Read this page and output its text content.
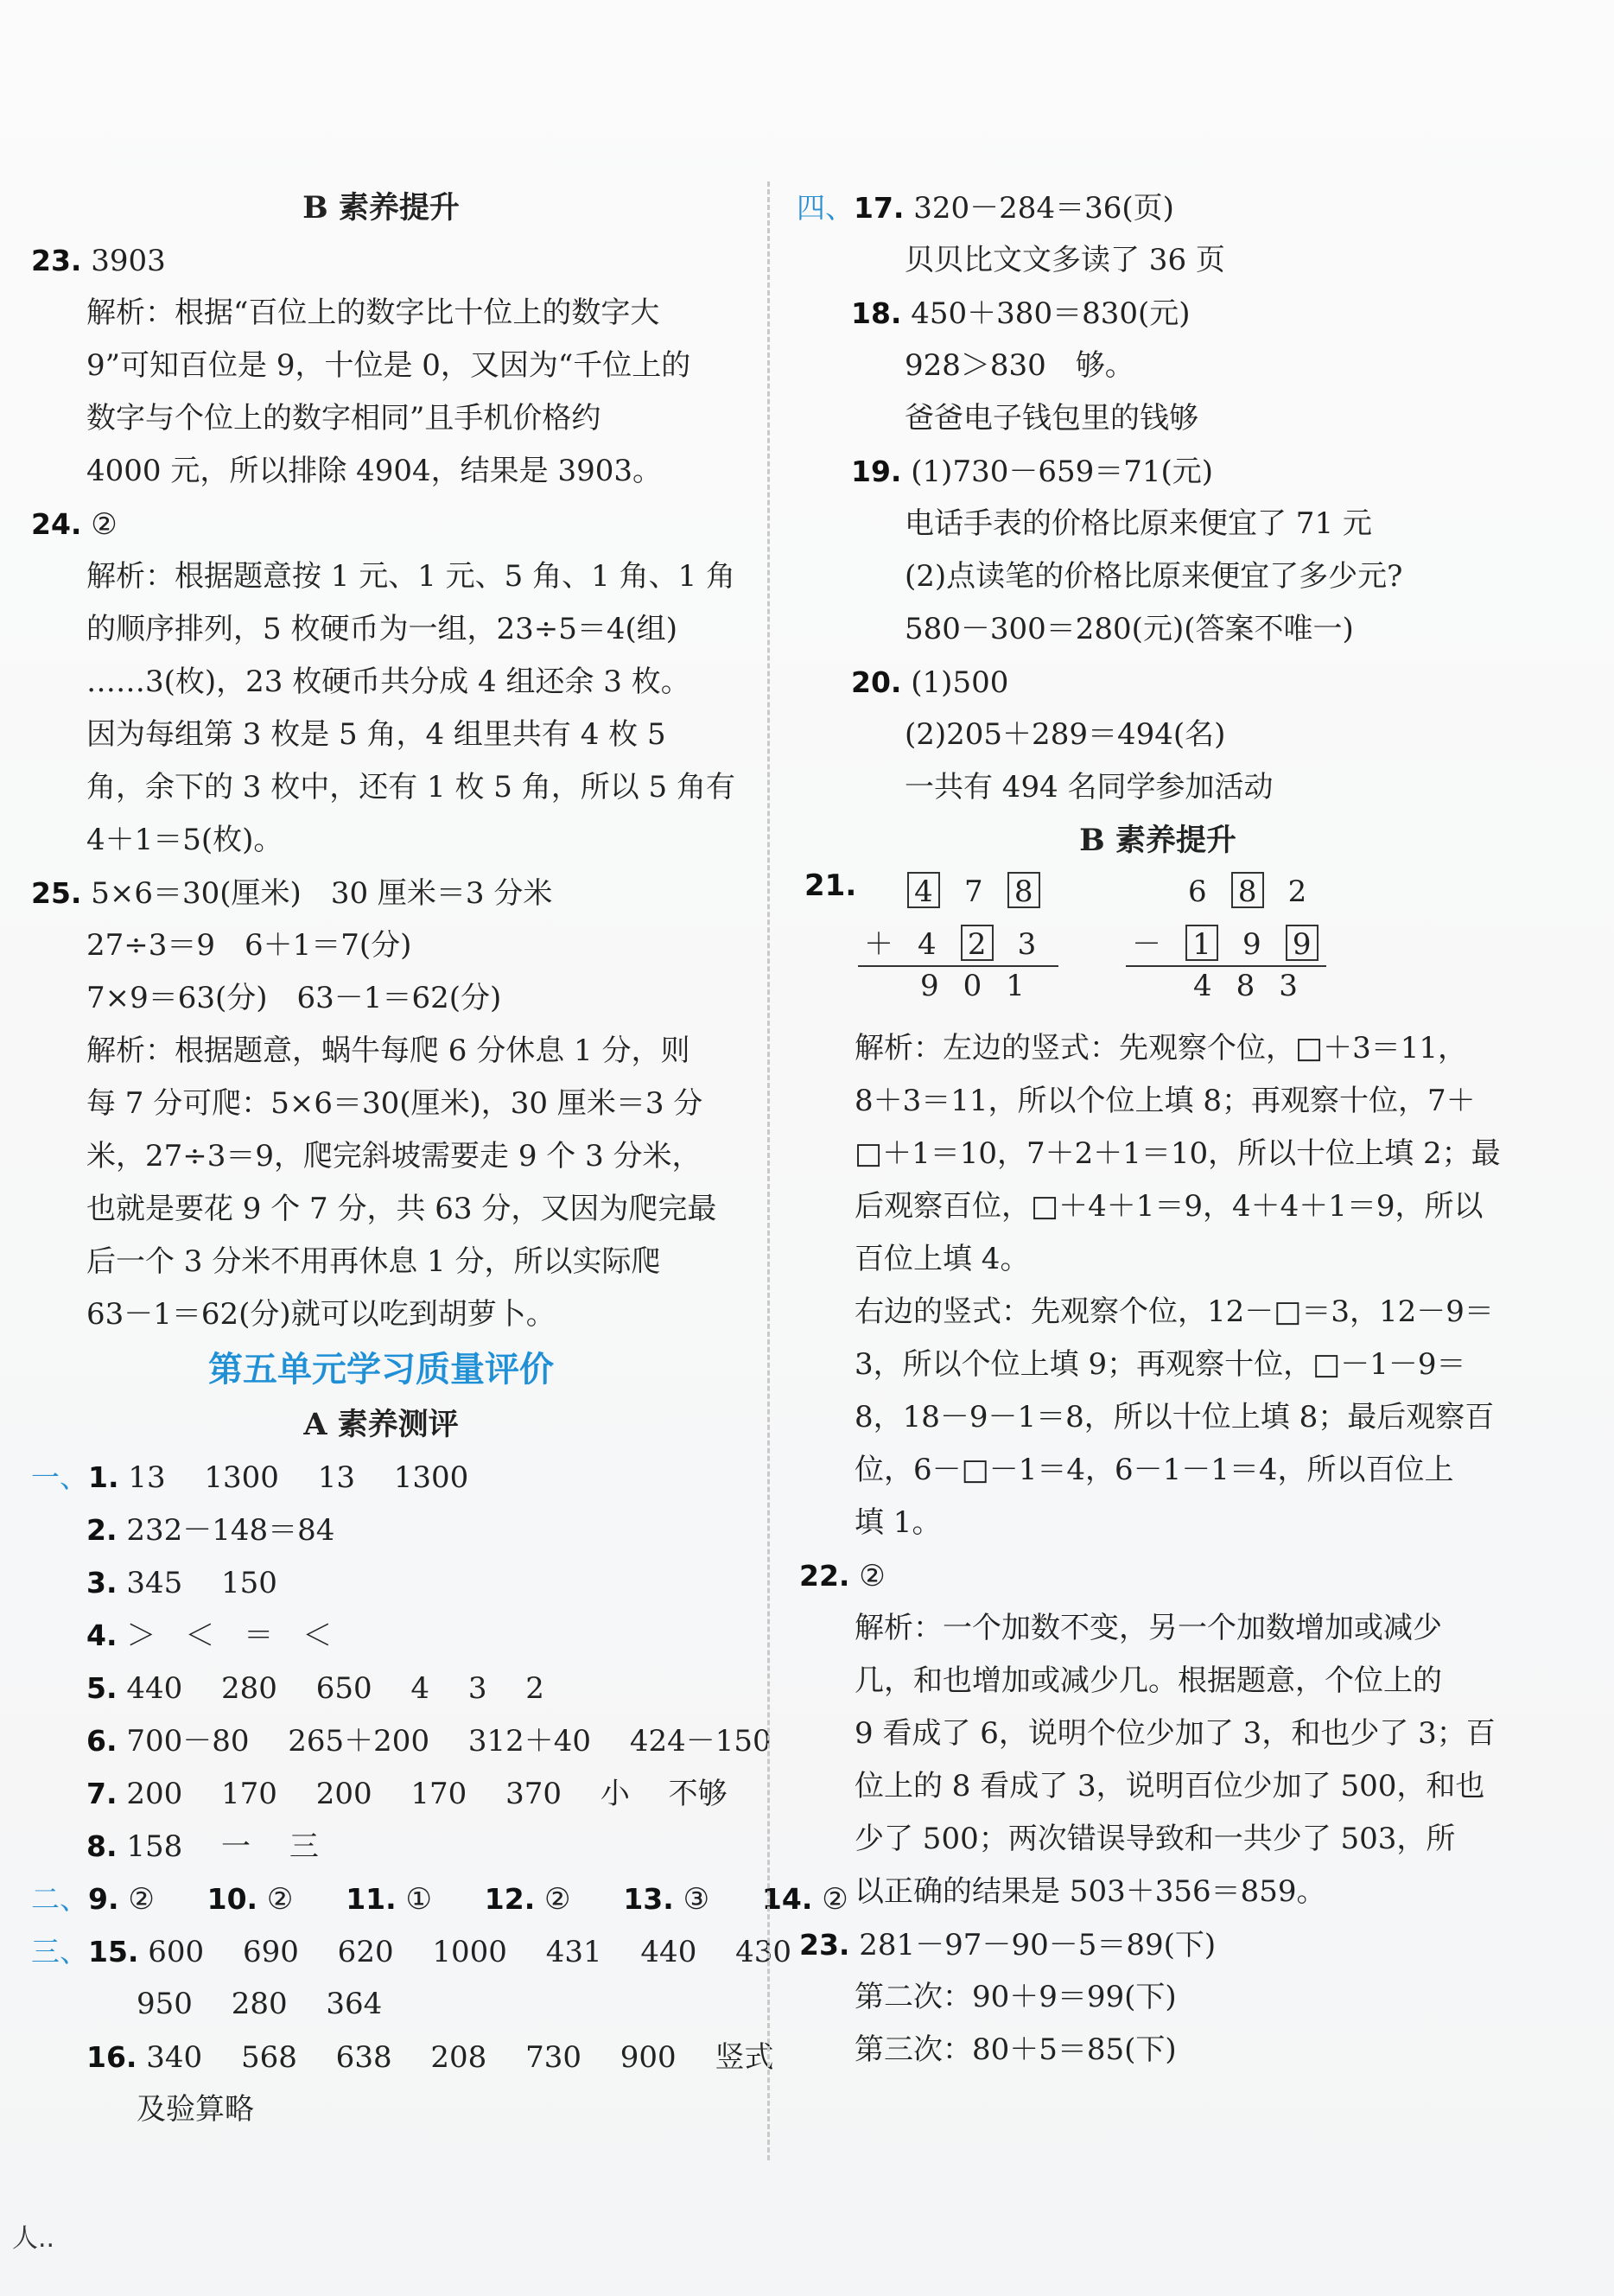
B 素养提升
23. 3903
解析：根据“百位上的数字比十位上的数字大
9”可知百位是 9，十位是 0，又因为“千位上的
数字与个位上的数字相同”且手机价格约
4000 元，所以排除 4904，结果是 3903。
24. ②
解析：根据题意按 1 元、1 元、5 角、1 角、1 角
的顺序排列，5 枚硬币为一组，23÷5＝4(组)
……3(枚)，23 枚硬币共分成 4 组还余 3 枚。
因为每组第 3 枚是 5 角，4 组里共有 4 枚 5
角，余下的 3 枚中，还有 1 枚 5 角，所以 5 角有
4＋1＝5(枚)。
25. 5×6＝30(厘米)　30 厘米＝3 分米
27÷3＝9　6＋1＝7(分)
7×9＝63(分)　63－1＝62(分)
解析：根据题意，蜗牛每爬 6 分休息 1 分，则
每 7 分可爬：5×6＝30(厘米)，30 厘米＝3 分
米，27÷3＝9，爬完斜坡需要走 9 个 3 分米，
也就是要花 9 个 7 分，共 63 分，又因为爬完最
后一个 3 分米不用再休息 1 分，所以实际爬
63－1＝62(分)就可以吃到胡萝卜。
第五单元学习质量评价
A 素养测评
一、1. 13　 1300　 13　 1300
2. 232－148＝84
3. 345　 150
4. ＞　＜　＝　＜
5. 440　 280　 650　 4　 3　 2
6. 700－80　 265＋200　 312＋40　 424－150
7. 200　 170　 200　 170　 370　 小　 不够
8. 158　 一　 三
二、9. ② 10. ② 11. ① 12. ② 13. ③ 14. ②
三、15. 600　 690　 620　 1000　 431　 440　 430
950　 280　 364
16. 340　 568　 638　 208　 730　 900　 竖式
及验算略
四、17. 320－284＝36(页)
贝贝比文文多读了 36 页
18. 450＋380＝830(元)
928＞830　够。
爸爸电子钱包里的钱够
19. (1)730－659＝71(元)
电话手表的价格比原来便宜了 71 元
(2)点读笔的价格比原来便宜了多少元?
580－300＝280(元)(答案不唯一)
20. (1)500
(2)205＋289＝494(名)
一共有 494 名同学参加活动
B 素养提升
21. 4 7 8
＋ 4 2 3
9 0 1
6 8 2
－ 1 9 9
4 8 3
解析：左边的竖式：先观察个位，□＋3＝11，
8＋3＝11，所以个位上填 8；再观察十位，7＋
□＋1＝10，7＋2＋1＝10，所以十位上填 2；最
后观察百位，□＋4＋1＝9，4＋4＋1＝9，所以
百位上填 4。
右边的竖式：先观察个位，12－□＝3，12－9＝
3，所以个位上填 9；再观察十位，□－1－9＝
8，18－9－1＝8，所以十位上填 8；最后观察百
位，6－□－1＝4，6－1－1＝4，所以百位上
填 1。
22. ②
解析：一个加数不变，另一个加数增加或减少
几，和也增加或减少几。根据题意，个位上的
9 看成了 6，说明个位少加了 3，和也少了 3；百
位上的 8 看成了 3，说明百位少加了 500，和也
少了 500；两次错误导致和一共少了 503，所
以正确的结果是 503＋356＝859。
23. 281－97－90－5＝89(下)
第二次：90＋9＝99(下)
第三次：80＋5＝85(下)
人..
